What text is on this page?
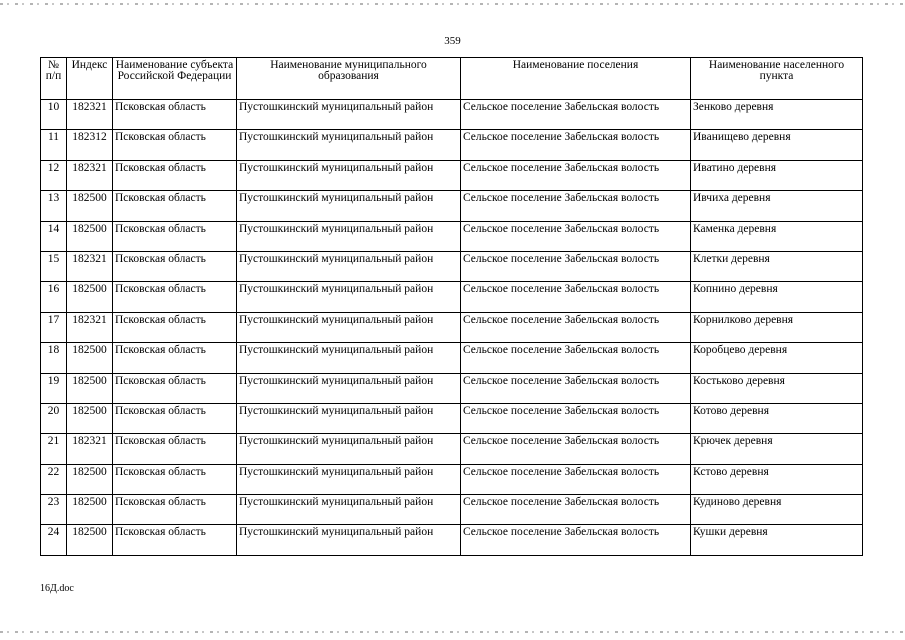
359
№ п/п	Индекс	Наименование субъекта Российской Федерации	Наименование муниципального образования	Наименование поселения	Наименование населенного пункта
10	182321	Псковская область	Пустошкинский муниципальный район	Сельское поселение Забельская волость	Зенково деревня
11	182312	Псковская область	Пустошкинский муниципальный район	Сельское поселение Забельская волость	Иванищево деревня
12	182321	Псковская область	Пустошкинский муниципальный район	Сельское поселение Забельская волость	Иватино деревня
13	182500	Псковская область	Пустошкинский муниципальный район	Сельское поселение Забельская волость	Ивчиха деревня
14	182500	Псковская область	Пустошкинский муниципальный район	Сельское поселение Забельская волость	Каменка деревня
15	182321	Псковская область	Пустошкинский муниципальный район	Сельское поселение Забельская волость	Клетки деревня
16	182500	Псковская область	Пустошкинский муниципальный район	Сельское поселение Забельская волость	Копнино деревня
17	182321	Псковская область	Пустошкинский муниципальный район	Сельское поселение Забельская волость	Корнилково деревня
18	182500	Псковская область	Пустошкинский муниципальный район	Сельское поселение Забельская волость	Коробцево деревня
19	182500	Псковская область	Пустошкинский муниципальный район	Сельское поселение Забельская волость	Костьково деревня
20	182500	Псковская область	Пустошкинский муниципальный район	Сельское поселение Забельская волость	Котово деревня
21	182321	Псковская область	Пустошкинский муниципальный район	Сельское поселение Забельская волость	Крючек деревня
22	182500	Псковская область	Пустошкинский муниципальный район	Сельское поселение Забельская волость	Кстово деревня
23	182500	Псковская область	Пустошкинский муниципальный район	Сельское поселение Забельская волость	Кудиново деревня
24	182500	Псковская область	Пустошкинский муниципальный район	Сельское поселение Забельская волость	Кушки деревня
16Д.doc
